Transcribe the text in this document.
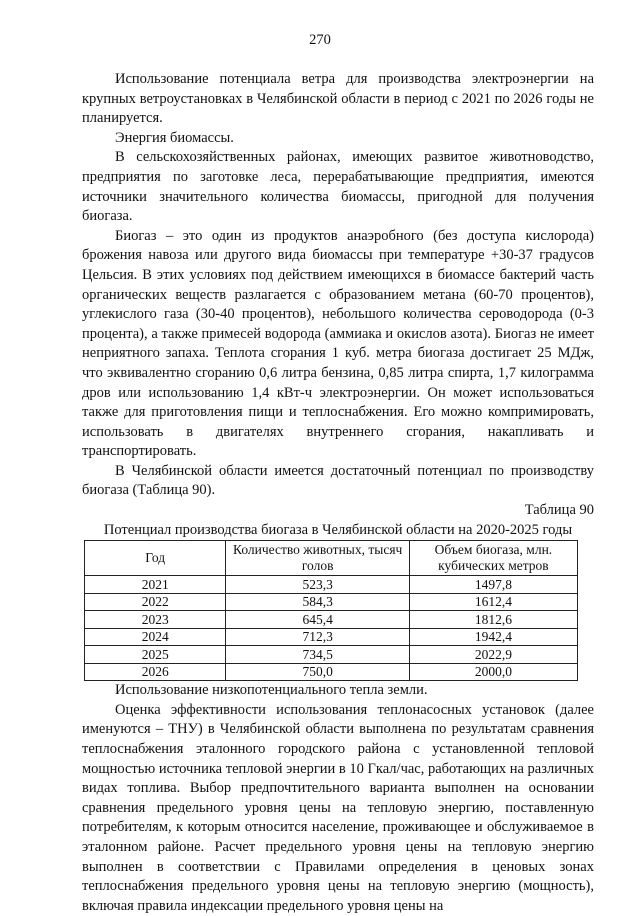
270

Использование потенциала ветра для производства электроэнергии на крупных ветроустановках в Челябинской области в период с 2021 по 2026 годы не планируется.

Энергия биомассы.

В сельскохозяйственных районах, имеющих развитое животноводство, предприятия по заготовке леса, перерабатывающие предприятия, имеются источники значительного количества биомассы, пригодной для получения биогаза.

Биогаз – это один из продуктов анаэробного (без доступа кислорода) брожения навоза или другого вида биомассы при температуре +30-37 градусов Цельсия. В этих условиях под действием имеющихся в биомассе бактерий часть органических веществ разлагается с образованием метана (60-70 процентов), углекислого газа (30-40 процентов), небольшого количества сероводорода (0-3 процента), а также примесей водорода (аммиака и окислов азота). Биогаз не имеет неприятного запаха. Теплота сгорания 1 куб. метра биогаза достигает 25 МДж, что эквивалентно сгоранию 0,6 литра бензина, 0,85 литра спирта, 1,7 килограмма дров или использованию 1,4 кВт-ч электроэнергии. Он может использоваться также для приготовления пищи и теплоснабжения. Его можно компримировать, использовать в двигателях внутреннего сгорания, накапливать и транспортировать.

В Челябинской области имеется достаточный потенциал по производству биогаза (Таблица 90).

Таблица 90

Потенциал производства биогаза в Челябинской области на 2020-2025 годы

Год	Количество животных, тысяч голов	Объем биогаза, млн. кубических метров
2021	523,3	1497,8
2022	584,3	1612,4
2023	645,4	1812,6
2024	712,3	1942,4
2025	734,5	2022,9
2026	750,0	2000,0

Использование низкопотенциального тепла земли.

Оценка эффективности использования теплонасосных установок (далее именуются – ТНУ) в Челябинской области выполнена по результатам сравнения теплоснабжения эталонного городского района с установленной тепловой мощностью источника тепловой энергии в 10 Гкал/час, работающих на различных видах топлива. Выбор предпочтительного варианта выполнен на основании сравнения предельного уровня цены на тепловую энергию, поставленную потребителям, к которым относится население, проживающее и обслуживаемое в эталонном районе. Расчет предельного уровня цены на тепловую энергию выполнен в соответствии с Правилами определения в ценовых зонах теплоснабжения предельного уровня цены на тепловую энергию (мощность), включая правила индексации предельного уровня цены на
